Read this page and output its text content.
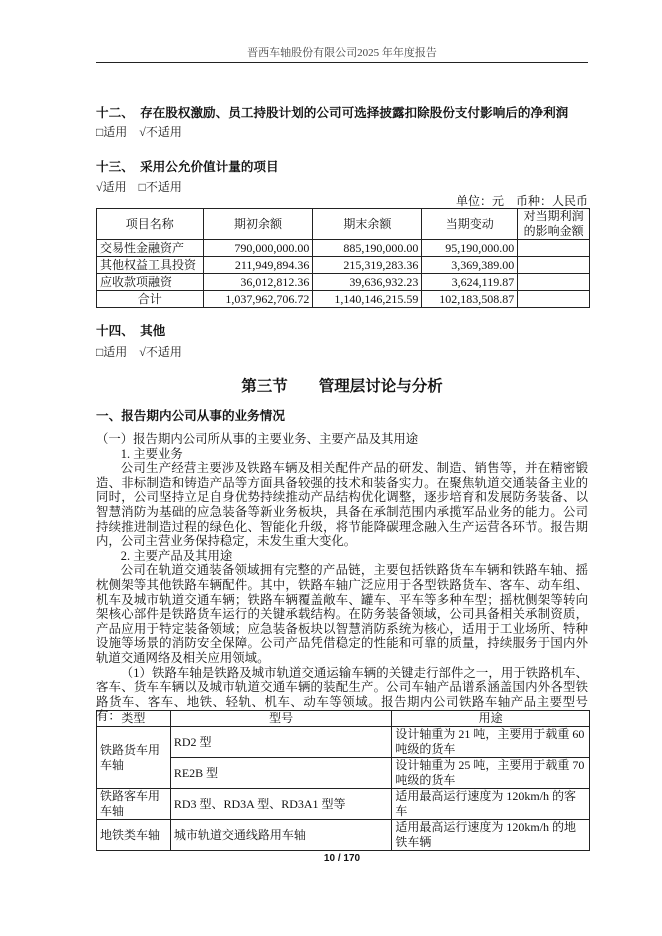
晋西车轴股份有限公司2025 年年度报告
十二、　存在股权激励、员工持股计划的公司可选择披露扣除股份支付影响后的净利润
□适用　√不适用
十三、　采用公允价值计量的项目
√适用　□不适用
单位：元　币种：人民币
项目名称	期初余额	期末余额	当期变动	对当期利润的影响金额
交易性金融资产	790,000,000.00	885,190,000.00	95,190,000.00	
其他权益工具投资	211,949,894.36	215,319,283.36	3,369,389.00	
应收款项融资	36,012,812.36	39,636,932.23	3,624,119.87	
合计	1,037,962,706.72	1,140,146,215.59	102,183,508.87	
十四、　其他
□适用　√不适用
第三节　　管理层讨论与分析
一、报告期内公司从事的业务情况

（一）报告期内公司所从事的主要业务、主要产品及其用途

1. 主要业务

公司生产经营主要涉及铁路车辆及相关配件产品的研发、制造、销售等，并在精密锻造、非标制造和铸造产品等方面具备较强的技术和装备实力。在聚焦轨道交通装备主业的同时，公司坚持立足自身优势持续推动产品结构优化调整，逐步培育和发展防务装备、以智慧消防为基础的应急装备等新业务板块，具备在承制范围内承揽军品业务的能力。公司持续推进制造过程的绿色化、智能化升级，将节能降碳理念融入生产运营各环节。报告期内，公司主营业务保持稳定，未发生重大变化。

2. 主要产品及其用途

公司在轨道交通装备领域拥有完整的产品链，主要包括铁路货车车辆和铁路车轴、摇枕侧架等其他铁路车辆配件。其中，铁路车轴广泛应用于各型铁路货车、客车、动车组、机车及城市轨道交通车辆；铁路车辆覆盖敞车、罐车、平车等多种车型；摇枕侧架等转向架核心部件是铁路货车运行的关键承载结构。在防务装备领域，公司具备相关承制资质，产品应用于特定装备领域；应急装备板块以智慧消防系统为核心，适用于工业场所、特种设施等场景的消防安全保障。公司产品凭借稳定的性能和可靠的质量，持续服务于国内外轨道交通网络及相关应用领域。

（1）铁路车轴是铁路及城市轨道交通运输车辆的关键走行部件之一，用于铁路机车、客车、货车车辆以及城市轨道交通车辆的装配生产。公司车轴产品谱系涵盖国内外各型铁路货车、客车、地铁、轻轨、机车、动车等领域。报告期内公司铁路车轴产品主要型号有： 类型	型号	用途
铁路货车用车轴	RD2 型	设计轴重为 21 吨，主要用于载重 60 吨级的货车
	RE2B 型	设计轴重为 25 吨，主要用于载重 70 吨级的货车
铁路客车用车轴	RD3 型、RD3A 型、RD3A1 型等	适用最高运行速度为 120km/h 的客车
地铁类车轴	城市轨道交通线路用车轴	适用最高运行速度为 120km/h 的地铁车辆
10 / 170
